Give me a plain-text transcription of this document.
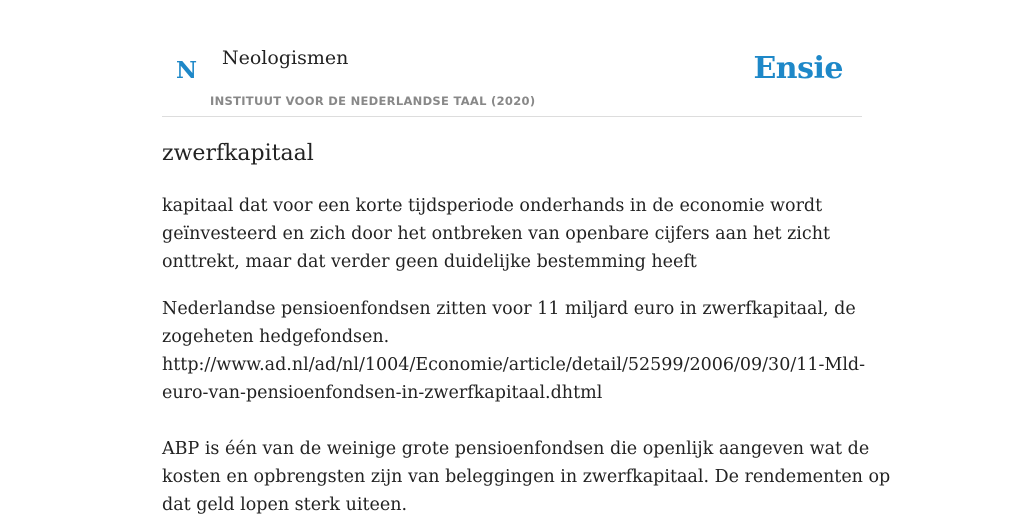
N Neologismen
INSTITUUT VOOR DE NEDERLANDSE TAAL (2020)
Ensie
zwerfkapitaal
kapitaal dat voor een korte tijdsperiode onderhands in de economie wordt
geïnvesteerd en zich door het ontbreken van openbare cijfers aan het zicht
onttrekt, maar dat verder geen duidelijke bestemming heeft
Nederlandse pensioenfondsen zitten voor 11 miljard euro in zwerfkapitaal, de
zogeheten hedgefondsen.
http://www.ad.nl/ad/nl/1004/Economie/article/detail/52599/2006/09/30/11-Mld-
euro-van-pensioenfondsen-in-zwerfkapitaal.dhtml
ABP is één van de weinige grote pensioenfondsen die openlijk aangeven wat de
kosten en opbrengsten zijn van beleggingen in zwerfkapitaal. De rendementen op
dat geld lopen sterk uiteen.
